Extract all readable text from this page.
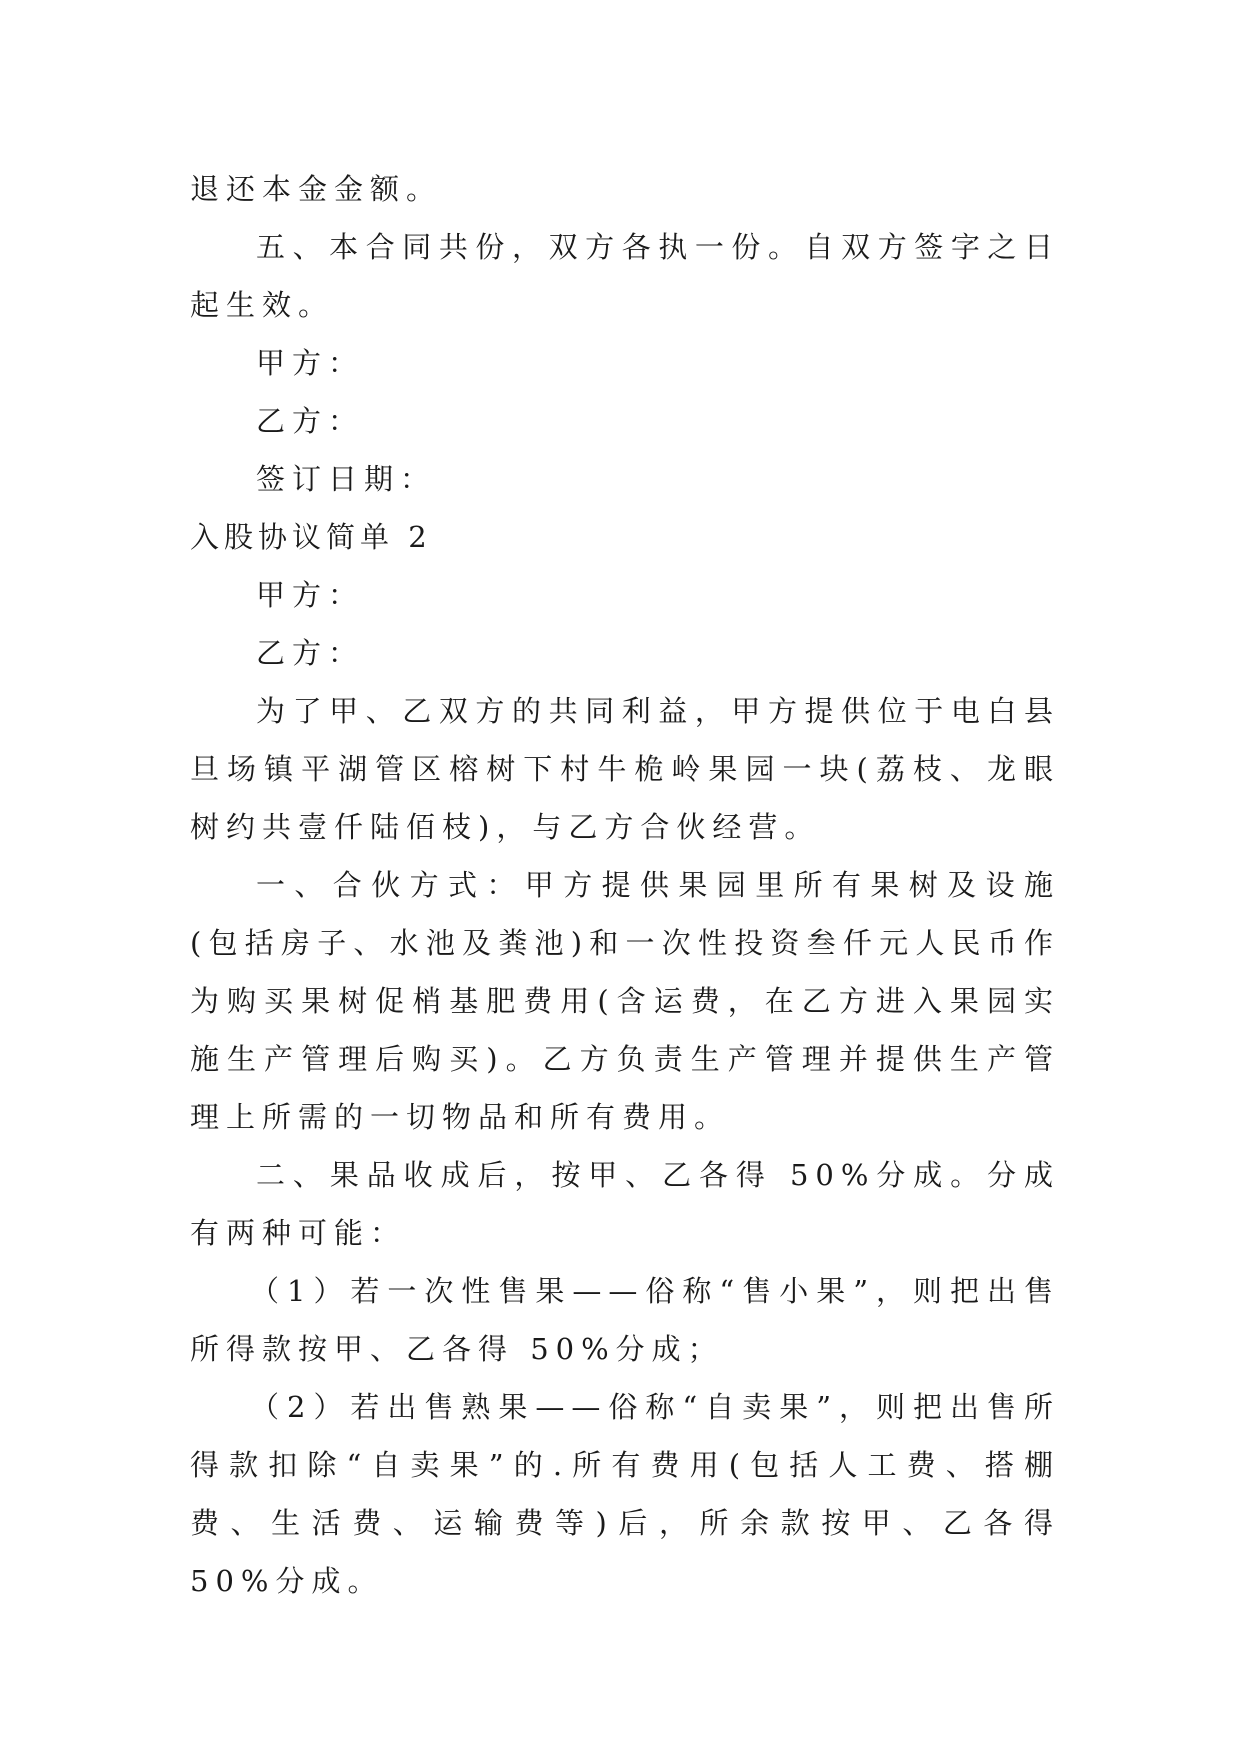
退还本金金额。

五、本合同共份，双方各执一份。自双方签字之日起生效。

甲方：

乙方：

签订日期：

入股协议简单 2

甲方：

乙方：

为了甲、乙双方的共同利益，甲方提供位于电白县旦场镇平湖管区榕树下村牛桅岭果园一块(荔枝、龙眼树约共壹仟陆佰枝)，与乙方合伙经营。

一、合伙方式：甲方提供果园里所有果树及设施(包括房子、水池及粪池)和一次性投资叁仟元人民币作为购买果树促梢基肥费用(含运费，在乙方进入果园实施生产管理后购买)。乙方负责生产管理并提供生产管理上所需的一切物品和所有费用。

二、果品收成后，按甲、乙各得 50%分成。分成有两种可能：

（1）若一次性售果——俗称“售小果”，则把出售所得款按甲、乙各得 50%分成；

（2）若出售熟果——俗称“自卖果”，则把出售所得款扣除“自卖果”的.所有费用(包括人工费、搭棚费、生活费、运输费等)后，所余款按甲、乙各得 50%分成。
